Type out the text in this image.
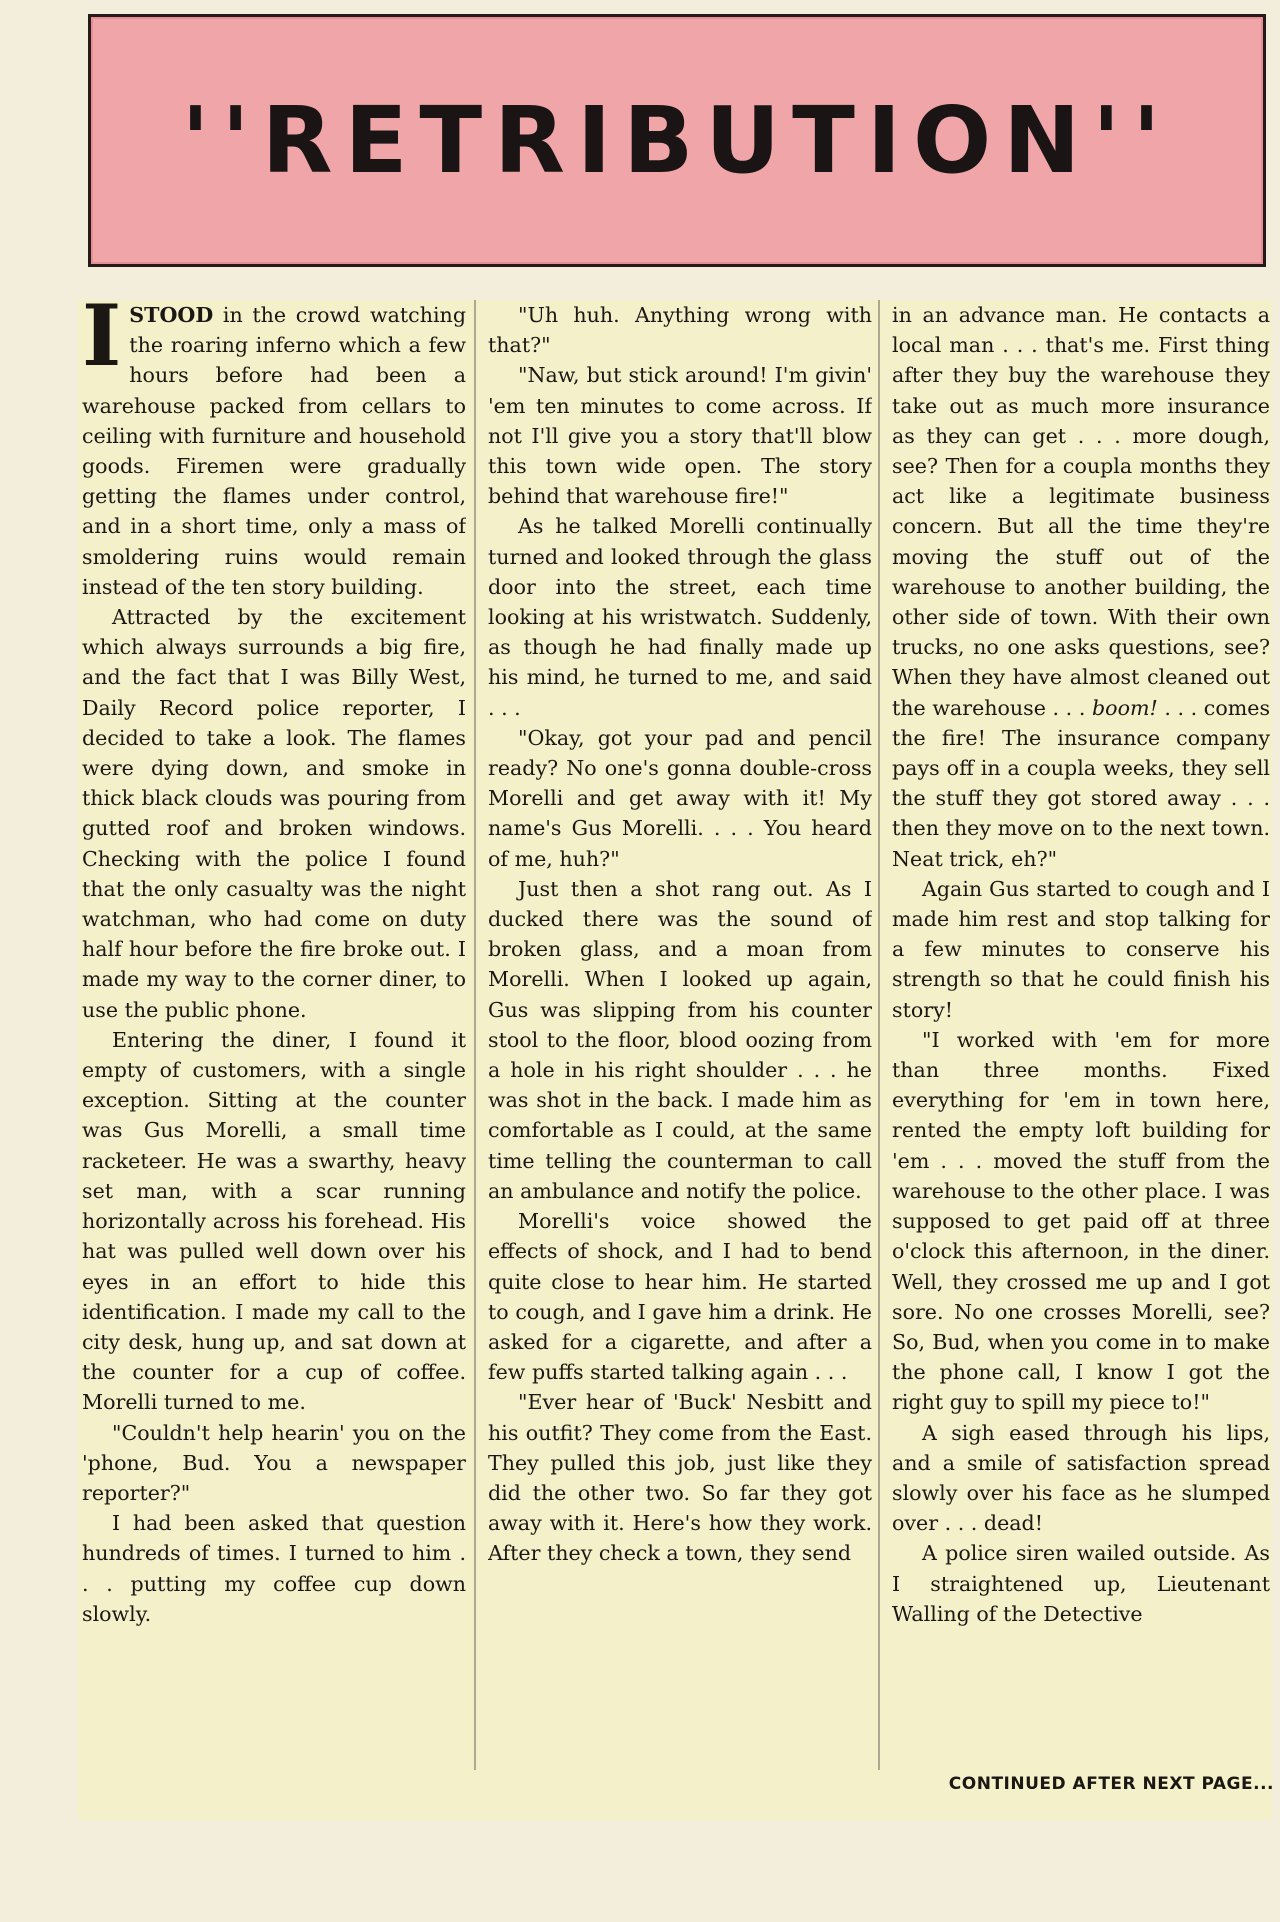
''RETRIBUTION''

ISTOOD in the crowd watching the roaring inferno which a few hours before had been a warehouse packed from cellars to ceiling with furniture and household goods. Firemen were gradually getting the flames under control, and in a short time, only a mass of smoldering ruins would remain instead of the ten story building.

Attracted by the excitement which always surrounds a big fire, and the fact that I was Billy West, Daily Record police reporter, I decided to take a look. The flames were dying down, and smoke in thick black clouds was pouring from gutted roof and broken windows. Checking with the police I found that the only casualty was the night watchman, who had come on duty half hour before the fire broke out. I made my way to the corner diner, to use the public phone.

Entering the diner, I found it empty of customers, with a single exception. Sitting at the counter was Gus Morelli, a small time racketeer. He was a swarthy, heavy set man, with a scar running horizontally across his forehead. His hat was pulled well down over his eyes in an effort to hide this identification. I made my call to the city desk, hung up, and sat down at the counter for a cup of coffee. Morelli turned to me.

"Couldn't help hearin' you on the 'phone, Bud. You a newspaper reporter?"

I had been asked that question hundreds of times. I turned to him . . . putting my coffee cup down slowly.

"Uh huh. Anything wrong with that?"

"Naw, but stick around! I'm givin' 'em ten minutes to come across. If not I'll give you a story that'll blow this town wide open. The story behind that warehouse fire!"

As he talked Morelli continually turned and looked through the glass door into the street, each time looking at his wristwatch. Suddenly, as though he had finally made up his mind, he turned to me, and said . . .

"Okay, got your pad and pencil ready? No one's gonna double-cross Morelli and get away with it! My name's Gus Morelli. . . . You heard of me, huh?"

Just then a shot rang out. As I ducked there was the sound of broken glass, and a moan from Morelli. When I looked up again, Gus was slipping from his counter stool to the floor, blood oozing from a hole in his right shoulder . . . he was shot in the back. I made him as comfortable as I could, at the same time telling the counterman to call an ambulance and notify the police.

Morelli's voice showed the effects of shock, and I had to bend quite close to hear him. He started to cough, and I gave him a drink. He asked for a cigarette, and after a few puffs started talking again . . .

"Ever hear of 'Buck' Nesbitt and his outfit? They come from the East. They pulled this job, just like they did the other two. So far they got away with it. Here's how they work. After they check a town, they send

in an advance man. He contacts a local man . . . that's me. First thing after they buy the warehouse they take out as much more insurance as they can get . . . more dough, see? Then for a coupla months they act like a legitimate business concern. But all the time they're moving the stuff out of the warehouse to another building, the other side of town. With their own trucks, no one asks questions, see? When they have almost cleaned out the warehouse . . . boom! . . . comes the fire! The insurance company pays off in a coupla weeks, they sell the stuff they got stored away . . . then they move on to the next town. Neat trick, eh?"

Again Gus started to cough and I made him rest and stop talking for a few minutes to conserve his strength so that he could finish his story!

"I worked with 'em for more than three months. Fixed everything for 'em in town here, rented the empty loft building for 'em . . . moved the stuff from the warehouse to the other place. I was supposed to get paid off at three o'clock this afternoon, in the diner. Well, they crossed me up and I got sore. No one crosses Morelli, see? So, Bud, when you come in to make the phone call, I know I got the right guy to spill my piece to!"

A sigh eased through his lips, and a smile of satisfaction spread slowly over his face as he slumped over . . . dead!

A police siren wailed outside. As I straightened up, Lieutenant Walling of the Detective

CONTINUED AFTER NEXT PAGE...
